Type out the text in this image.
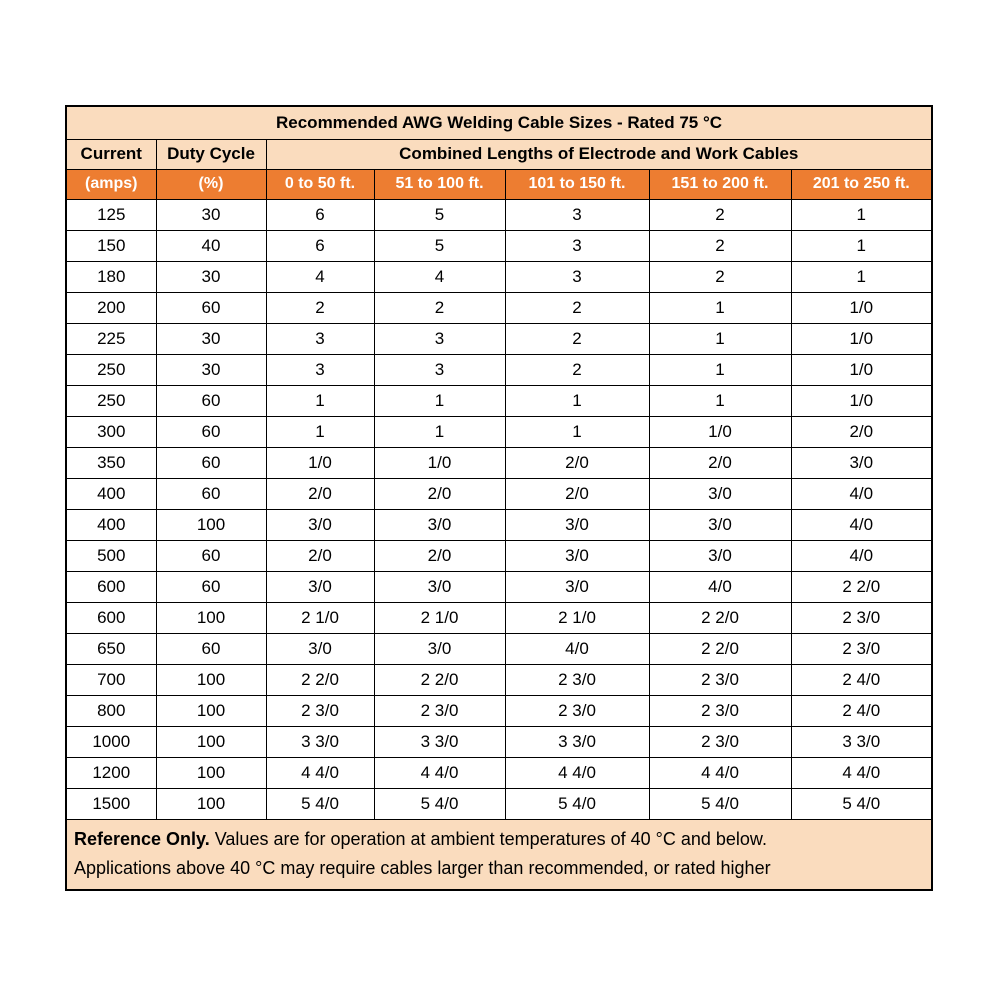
Recommended AWG Welding Cable Sizes - Rated 75 °C						
Current	Duty Cycle	Combined Lengths of Electrode and Work Cables				
(amps)	(%)	0 to 50 ft.	51 to 100 ft.	101 to 150 ft.	151 to 200 ft.	201 to 250 ft.
125	30	6	5	3	2	1
150	40	6	5	3	2	1
180	30	4	4	3	2	1
200	60	2	2	2	1	1/0
225	30	3	3	2	1	1/0
250	30	3	3	2	1	1/0
250	60	1	1	1	1	1/0
300	60	1	1	1	1/0	2/0
350	60	1/0	1/0	2/0	2/0	3/0
400	60	2/0	2/0	2/0	3/0	4/0
400	100	3/0	3/0	3/0	3/0	4/0
500	60	2/0	2/0	3/0	3/0	4/0
600	60	3/0	3/0	3/0	4/0	2 2/0
600	100	2 1/0	2 1/0	2 1/0	2 2/0	2 3/0
650	60	3/0	3/0	4/0	2 2/0	2 3/0
700	100	2 2/0	2 2/0	2 3/0	2 3/0	2 4/0
800	100	2 3/0	2 3/0	2 3/0	2 3/0	2 4/0
1000	100	3 3/0	3 3/0	3 3/0	2 3/0	3 3/0
1200	100	4 4/0	4 4/0	4 4/0	4 4/0	4 4/0
1500	100	5 4/0	5 4/0	5 4/0	5 4/0	5 4/0

Reference Only. Values are for operation at ambient temperatures of 40 °C and below.
Applications above 40 °C may require cables larger than recommended, or rated higher						
